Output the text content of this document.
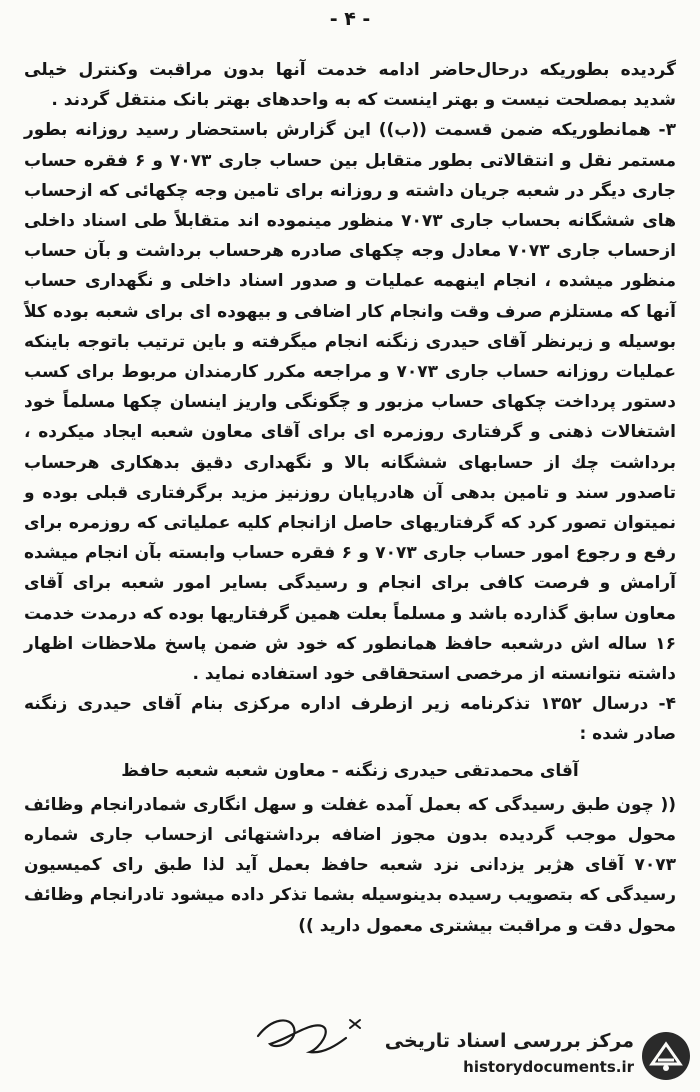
- ۴ -

گردیده بطوریکه درحال‌حاضر ادامه خدمت آنها بدون مراقبت وکنترل خیلی شدید بمصلحت نیست و بهتر اینست که به واحدهای بهتر بانک منتقل گردند .

۳- همانطوریکه ضمن قسمت ((ب)) این گزارش باستحضار رسید روزانه بطور مستمر نقل و انتقالاتی بطور متقابل بین حساب جاری ۷۰۷۳ و ۶ فقره حساب جاری دیگر در شعبه جریان داشته و روزانه برای تامین وجه چکهائی که ازحساب های ششگانه بحساب جاری ۷۰۷۳ منظور مینموده اند متقابلاً طی اسناد داخلی ازحساب جاری ۷۰۷۳ معادل وجه چکهای صادره هرحساب برداشت و بآن حساب منظور میشده ، انجام اینهمه عملیات و صدور اسناد داخلی و نگهداری حساب آنها که مستلزم صرف وقت وانجام کار اضافی و بیهوده ای برای شعبه بوده کلاً بوسیله و زیرنظر آقای حیدری زنگنه انجام میگرفته و باین ترتیب باتوجه باینکه عملیات روزانه حساب جاری ۷۰۷۳ و مراجعه مکرر کارمندان مربوط برای کسب دستور پرداخت چکهای حساب مزبور و چگونگی واریز اینسان چکها مسلماً خود اشتغالات ذهنی و گرفتاری روزمره ای برای آقای معاون شعبه ایجاد میکرده ، برداشت چك از حسابهای ششگانه بالا و نگهداری دقیق بدهکاری هرحساب تاصدور سند و تامین بدهی آن هادرپایان روزنیز مزید برگرفتاری قبلی بوده و نمیتوان تصور کرد که گرفتاریهای حاصل ازانجام کلیه عملیاتی که روزمره برای رفع و رجوع امور حساب جاری ۷۰۷۳ و ۶ فقره حساب وابسته بآن انجام میشده آرامش و فرصت کافی برای انجام و رسیدگی بسایر امور شعبه برای آقای معاون سابق گذارده باشد و مسلماً بعلت همین گرفتاریها بوده که درمدت خدمت ۱۶ ساله اش درشعبه حافظ همانطور که خود ش ضمن پاسخ ملاحظات اظهار داشته نتوانسته از مرخصی استحقاقی خود استفاده نماید .

۴- درسال ۱۳۵۲ تذکرنامه زیر ازطرف اداره مرکزی بنام آقای حیدری زنگنه صادر شده :

آقای محمدتقی حیدری زنگنه - معاون شعبه شعبه حافظ

(( چون طبق رسیدگی که بعمل آمده غفلت و سهل انگاری شمادرانجام وظائف محول موجب گردیده بدون مجوز اضافه برداشتهائی ازحساب جاری شماره ۷۰۷۳ آقای هژبر یزدانی نزد شعبه حافظ بعمل آید لذا طبق رای کمیسیون رسیدگی که بتصویب رسیده بدینوسیله بشما تذکر داده میشود تادرانجام وظائف محول دقت و مراقبت بیشتری معمول دارید ))

مرکز بررسی اسناد تاریخی
historydocuments.ir
